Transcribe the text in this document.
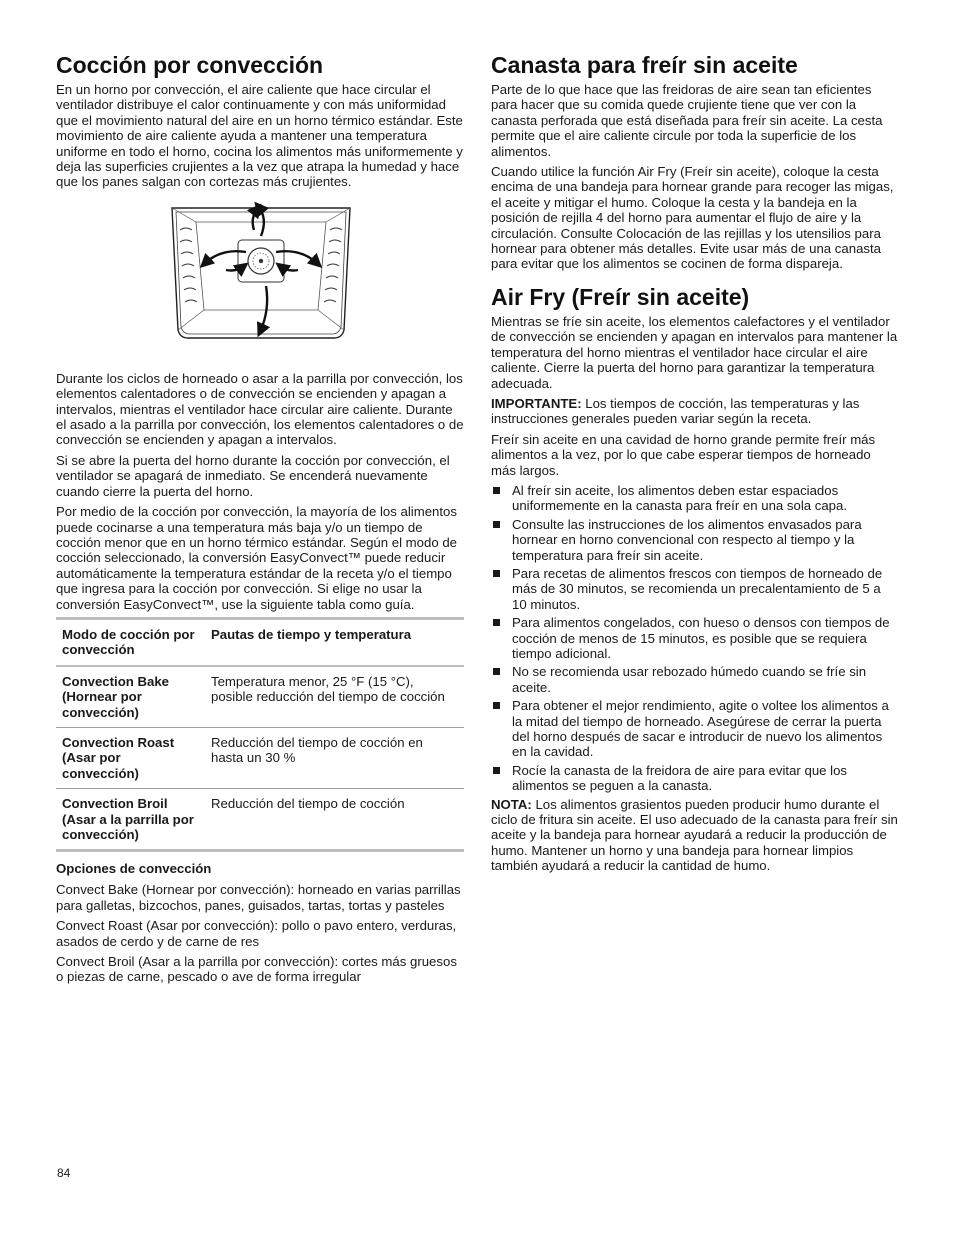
Cocción por convección

En un horno por convección, el aire caliente que hace circular el ventilador distribuye el calor continuamente y con más uniformidad que el movimiento natural del aire en un horno térmico estándar. Este movimiento de aire caliente ayuda a mantener una temperatura uniforme en todo el horno, cocina los alimentos más uniformemente y deja las superficies crujientes a la vez que atrapa la humedad y hace que los panes salgan con cortezas más crujientes.

Durante los ciclos de horneado o asar a la parrilla por convección, los elementos calentadores o de convección se encienden y apagan a intervalos, mientras el ventilador hace circular aire caliente. Durante el asado a la parrilla por convección, los elementos calentadores o de convección se encienden y apagan a intervalos.

Si se abre la puerta del horno durante la cocción por convección, el ventilador se apagará de inmediato. Se encenderá nuevamente cuando cierre la puerta del horno.

Por medio de la cocción por convección, la mayoría de los alimentos puede cocinarse a una temperatura más baja y/o un tiempo de cocción menor que en un horno térmico estándar. Según el modo de cocción seleccionado, la conversión EasyConvect™ puede reducir automáticamente la temperatura estándar de la receta y/o el tiempo que ingresa para la cocción por convección. Si elige no usar la conversión EasyConvect™, use la siguiente tabla como guía.

Modo de cocción por convección	Pautas de tiempo y temperatura
Convection Bake (Hornear por convección)	Temperatura menor, 25 °F (15 °C), posible reducción del tiempo de cocción
Convection Roast (Asar por convección)	Reducción del tiempo de cocción en hasta un 30 %
Convection Broil (Asar a la parrilla por convección)	Reducción del tiempo de cocción
Opciones de convección

Convect Bake (Hornear por convección): horneado en varias parrillas para galletas, bizcochos, panes, guisados, tartas, tortas y pasteles

Convect Roast (Asar por convección): pollo o pavo entero, verduras, asados de cerdo y de carne de res

Convect Broil (Asar a la parrilla por convección): cortes más gruesos o piezas de carne, pescado o ave de forma irregular

Canasta para freír sin aceite

Parte de lo que hace que las freidoras de aire sean tan eficientes para hacer que su comida quede crujiente tiene que ver con la canasta perforada que está diseñada para freír sin aceite. La cesta permite que el aire caliente circule por toda la superficie de los alimentos.

Cuando utilice la función Air Fry (Freír sin aceite), coloque la cesta encima de una bandeja para hornear grande para recoger las migas, el aceite y mitigar el humo. Coloque la cesta y la bandeja en la posición de rejilla 4 del horno para aumentar el flujo de aire y la circulación. Consulte Colocación de las rejillas y los utensilios para hornear para obtener más detalles. Evite usar más de una canasta para evitar que los alimentos se cocinen de forma dispareja.

Air Fry (Freír sin aceite)

Mientras se fríe sin aceite, los elementos calefactores y el ventilador de convección se encienden y apagan en intervalos para mantener la temperatura del horno mientras el ventilador hace circular el aire caliente. Cierre la puerta del horno para garantizar la temperatura adecuada.

IMPORTANTE: Los tiempos de cocción, las temperaturas y las instrucciones generales pueden variar según la receta.

Freír sin aceite en una cavidad de horno grande permite freír más alimentos a la vez, por lo que cabe esperar tiempos de horneado más largos.

Al freír sin aceite, los alimentos deben estar espaciados uniformemente en la canasta para freír en una sola capa.
Consulte las instrucciones de los alimentos envasados para hornear en horno convencional con respecto al tiempo y la temperatura para freír sin aceite.
Para recetas de alimentos frescos con tiempos de horneado de más de 30 minutos, se recomienda un precalentamiento de 5 a 10 minutos.
Para alimentos congelados, con hueso o densos con tiempos de cocción de menos de 15 minutos, es posible que se requiera tiempo adicional.
No se recomienda usar rebozado húmedo cuando se fríe sin aceite.
Para obtener el mejor rendimiento, agite o voltee los alimentos a la mitad del tiempo de horneado. Asegúrese de cerrar la puerta del horno después de sacar e introducir de nuevo los alimentos en la cavidad.
Rocíe la canasta de la freidora de aire para evitar que los alimentos se peguen a la canasta.

NOTA: Los alimentos grasientos pueden producir humo durante el ciclo de fritura sin aceite. El uso adecuado de la canasta para freír sin aceite y la bandeja para hornear ayudará a reducir la producción de humo. Mantener un horno y una bandeja para hornear limpios también ayudará a reducir la cantidad de humo.

84
